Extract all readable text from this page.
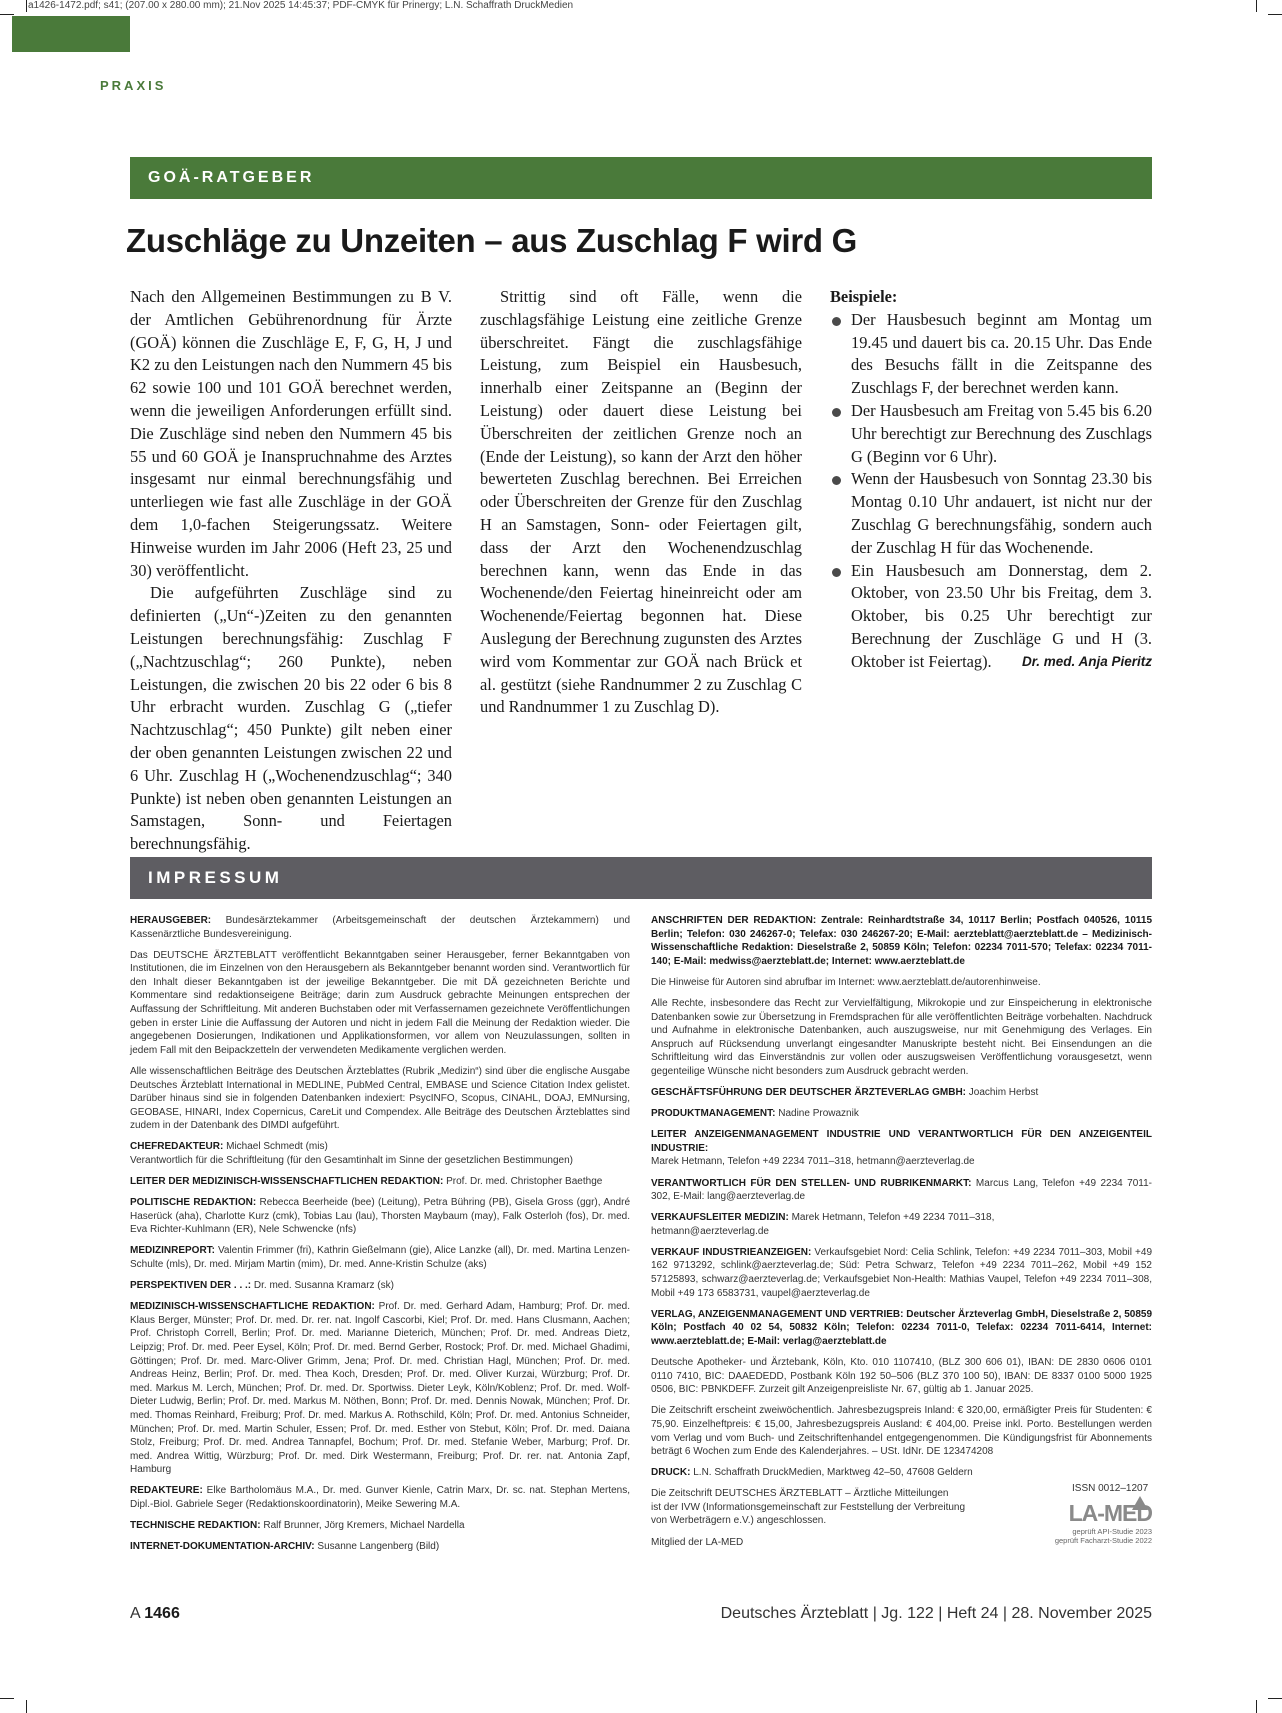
a1426-1472.pdf; s41; (207.00 x 280.00 mm); 21.Nov 2025 14:45:37; PDF-CMYK für Prinergy; L.N. Schaffrath DruckMedien
PRAXIS
GOÄ-RATGEBER
Zuschläge zu Unzeiten – aus Zuschlag F wird G

Nach den Allgemeinen Bestimmungen zu B V. der Amtlichen Gebührenordnung für Ärzte (GOÄ) können die Zuschläge E, F, G, H, J und K2 zu den Leistungen nach den Nummern 45 bis 62 sowie 100 und 101 GOÄ berechnet werden, wenn die jeweiligen Anforderungen erfüllt sind. Die Zuschläge sind neben den Nummern 45 bis 55 und 60 GOÄ je Inanspruchnahme des Arztes insgesamt nur einmal berechnungsfähig und unterliegen wie fast alle Zuschläge in der GOÄ dem 1,0-fachen Steigerungssatz. Weitere Hinweise wurden im Jahr 2006 (Heft 23, 25 und 30) veröffentlicht.

Die aufgeführten Zuschläge sind zu definierten („Un“-)Zeiten zu den genannten Leistungen berechnungsfähig: Zuschlag F („Nachtzuschlag“; 260 Punkte), neben Leistungen, die zwischen 20 bis 22 oder 6 bis 8 Uhr erbracht wurden. Zuschlag G („tiefer Nachtzuschlag“; 450 Punkte) gilt neben einer der oben genannten Leistungen zwischen 22 und 6 Uhr. Zuschlag H („Wochenendzuschlag“; 340 Punkte) ist neben oben genannten Leistungen an Samstagen, Sonn- und Feiertagen berechnungsfähig.

Strittig sind oft Fälle, wenn die zuschlagsfähige Leistung eine zeitliche Grenze überschreitet. Fängt die zuschlagsfähige Leistung, zum Beispiel ein Hausbesuch, innerhalb einer Zeitspanne an (Beginn der Leistung) oder dauert diese Leistung bei Überschreiten der zeitlichen Grenze noch an (Ende der Leistung), so kann der Arzt den höher bewerteten Zuschlag berechnen. Bei Erreichen oder Überschreiten der Grenze für den Zuschlag H an Samstagen, Sonn- oder Feiertagen gilt, dass der Arzt den Wochenendzuschlag berechnen kann, wenn das Ende in das Wochenende/den Feiertag hineinreicht oder am Wochenende/Feiertag begonnen hat. Diese Auslegung der Berechnung zugunsten des Arztes wird vom Kommentar zur GOÄ nach Brück et al. gestützt (siehe Randnummer 2 zu Zuschlag C und Randnummer 1 zu Zuschlag D).

Beispiele:

Der Hausbesuch beginnt am Montag um 19.45 und dauert bis ca. 20.15 Uhr. Das Ende des Besuchs fällt in die Zeitspanne des Zuschlags F, der berechnet werden kann.
Der Hausbesuch am Freitag von 5.45 bis 6.20 Uhr berechtigt zur Berechnung des Zuschlags G (Beginn vor 6 Uhr).
Wenn der Hausbesuch von Sonntag 23.30 bis Montag 0.10 Uhr andauert, ist nicht nur der Zuschlag G berechnungsfähig, sondern auch der Zuschlag H für das Wochenende.
Ein Hausbesuch am Donnerstag, dem 2. Oktober, von 23.50 Uhr bis Freitag, dem 3. Oktober, bis 0.25 Uhr berechtigt zur Berechnung der Zuschläge G und H (3. Oktober ist Feiertag). Dr. med. Anja Pieritz
IMPRESSUM

HERAUSGEBER: Bundesärztekammer (Arbeitsgemeinschaft der deutschen Ärztekammern) und Kassenärztliche Bundesvereinigung.

Das DEUTSCHE ÄRZTEBLATT veröffentlicht Bekanntgaben seiner Herausgeber, ferner Bekanntgaben von Institutionen, die im Einzelnen von den Herausgebern als Bekanntgeber benannt worden sind. Verantwortlich für den Inhalt dieser Bekanntgaben ist der jeweilige Bekanntgeber. Die mit DÄ gezeichneten Berichte und Kommentare sind redaktionseigene Beiträge; darin zum Ausdruck gebrachte Meinungen entsprechen der Auffassung der Schriftleitung. Mit anderen Buchstaben oder mit Verfassernamen gezeichnete Veröffentlichungen geben in erster Linie die Auffassung der Autoren und nicht in jedem Fall die Meinung der Redaktion wieder. Die angegebenen Dosierungen, Indikationen und Applikationsformen, vor allem von Neuzulassungen, sollten in jedem Fall mit den Beipackzetteln der verwendeten Medikamente verglichen werden.

Alle wissenschaftlichen Beiträge des Deutschen Ärzteblattes (Rubrik „Medizin“) sind über die englische Ausgabe Deutsches Ärzteblatt International in MEDLINE, PubMed Central, EMBASE und Science Citation Index gelistet. Darüber hinaus sind sie in folgenden Datenbanken indexiert: PsycINFO, Scopus, CINAHL, DOAJ, EMNursing, GEOBASE, HINARI, Index Copernicus, CareLit und Compendex. Alle Beiträge des Deutschen Ärzteblattes sind zudem in der Datenbank des DIMDI aufgeführt.

CHEFREDAKTEUR: Michael Schmedt (mis)
Verantwortlich für die Schriftleitung (für den Gesamtinhalt im Sinne der gesetzlichen Bestimmungen)

LEITER DER MEDIZINISCH-WISSENSCHAFTLICHEN REDAKTION: Prof. Dr. med. Christopher Baethge

POLITISCHE REDAKTION: Rebecca Beerheide (bee) (Leitung), Petra Bühring (PB), Gisela Gross (ggr), André Haserück (aha), Charlotte Kurz (cmk), Tobias Lau (lau), Thorsten Maybaum (may), Falk Osterloh (fos), Dr. med. Eva Richter-Kuhlmann (ER), Nele Schwencke (nfs)

MEDIZINREPORT: Valentin Frimmer (fri), Kathrin Gießelmann (gie), Alice Lanzke (all), Dr. med. Martina Lenzen-Schulte (mls), Dr. med. Mirjam Martin (mim), Dr. med. Anne-Kristin Schulze (aks)

PERSPEKTIVEN DER . . .: Dr. med. Susanna Kramarz (sk)

MEDIZINISCH-WISSENSCHAFTLICHE REDAKTION: Prof. Dr. med. Gerhard Adam, Hamburg; Prof. Dr. med. Klaus Berger, Münster; Prof. Dr. med. Dr. rer. nat. Ingolf Cascorbi, Kiel; Prof. Dr. med. Hans Clusmann, Aachen; Prof. Christoph Correll, Berlin; Prof. Dr. med. Marianne Dieterich, München; Prof. Dr. med. Andreas Dietz, Leipzig; Prof. Dr. med. Peer Eysel, Köln; Prof. Dr. med. Bernd Gerber, Rostock; Prof. Dr. med. Michael Ghadimi, Göttingen; Prof. Dr. med. Marc-Oliver Grimm, Jena; Prof. Dr. med. Christian Hagl, München; Prof. Dr. med. Andreas Heinz, Berlin; Prof. Dr. med. Thea Koch, Dresden; Prof. Dr. med. Oliver Kurzai, Würzburg; Prof. Dr. med. Markus M. Lerch, München; Prof. Dr. med. Dr. Sportwiss. Dieter Leyk, Köln/Koblenz; Prof. Dr. med. Wolf-Dieter Ludwig, Berlin; Prof. Dr. med. Markus M. Nöthen, Bonn; Prof. Dr. med. Dennis Nowak, München; Prof. Dr. med. Thomas Reinhard, Freiburg; Prof. Dr. med. Markus A. Rothschild, Köln; Prof. Dr. med. Antonius Schneider, München; Prof. Dr. med. Martin Schuler, Essen; Prof. Dr. med. Esther von Stebut, Köln; Prof. Dr. med. Daiana Stolz, Freiburg; Prof. Dr. med. Andrea Tannapfel, Bochum; Prof. Dr. med. Stefanie Weber, Marburg; Prof. Dr. med. Andrea Wittig, Würzburg; Prof. Dr. med. Dirk Westermann, Freiburg; Prof. Dr. rer. nat. Antonia Zapf, Hamburg

REDAKTEURE: Elke Bartholomäus M.A., Dr. med. Gunver Kienle, Catrin Marx, Dr. sc. nat. Stephan Mertens, Dipl.-Biol. Gabriele Seger (Redaktionskoordinatorin), Meike Sewering M.A.

TECHNISCHE REDAKTION: Ralf Brunner, Jörg Kremers, Michael Nardella

INTERNET-DOKUMENTATION-ARCHIV: Susanne Langenberg (Bild)

ANSCHRIFTEN DER REDAKTION: Zentrale: Reinhardtstraße 34, 10117 Berlin; Postfach 040526, 10115 Berlin; Telefon: 030 246267-0; Telefax: 030 246267-20; E-Mail: aerzteblatt@aerzteblatt.de – Medizinisch-Wissenschaftliche Redaktion: Dieselstraße 2, 50859 Köln; Telefon: 02234 7011-570; Telefax: 02234 7011-140; E-Mail: medwiss@aerzteblatt.de; Internet: www.aerzteblatt.de

Die Hinweise für Autoren sind abrufbar im Internet: www.aerzteblatt.de/autorenhinweise.

Alle Rechte, insbesondere das Recht zur Vervielfältigung, Mikrokopie und zur Einspeicherung in elektronische Datenbanken sowie zur Übersetzung in Fremdsprachen für alle veröffentlichten Beiträge vorbehalten. Nachdruck und Aufnahme in elektronische Datenbanken, auch auszugsweise, nur mit Genehmigung des Verlages. Ein Anspruch auf Rücksendung unverlangt eingesandter Manuskripte besteht nicht. Bei Einsendungen an die Schriftleitung wird das Einverständnis zur vollen oder auszugsweisen Veröffentlichung vorausgesetzt, wenn gegenteilige Wünsche nicht besonders zum Ausdruck gebracht werden.

GESCHÄFTSFÜHRUNG DER DEUTSCHER ÄRZTEVERLAG GMBH: Joachim Herbst

PRODUKTMANAGEMENT: Nadine Prowaznik

LEITER ANZEIGENMANAGEMENT INDUSTRIE UND VERANTWORTLICH FÜR DEN ANZEIGENTEIL INDUSTRIE:
Marek Hetmann, Telefon +49 2234 7011–318, hetmann@aerzteverlag.de

VERANTWORTLICH FÜR DEN STELLEN- UND RUBRIKENMARKT: Marcus Lang, Telefon +49 2234 7011-302, E-Mail: lang@aerzteverlag.de

VERKAUFSLEITER MEDIZIN: Marek Hetmann, Telefon +49 2234 7011–318,
hetmann@aerzteverlag.de

VERKAUF INDUSTRIEANZEIGEN: Verkaufsgebiet Nord: Celia Schlink, Telefon: +49 2234 7011–303, Mobil +49 162 9713292, schlink@aerzteverlag.de; Süd: Petra Schwarz, Telefon +49 2234 7011–262, Mobil +49 152 57125893, schwarz@aerzteverlag.de; Verkaufsgebiet Non-Health: Mathias Vaupel, Telefon +49 2234 7011–308, Mobil +49 173 6583731, vaupel@aerzteverlag.de

VERLAG, ANZEIGENMANAGEMENT UND VERTRIEB: Deutscher Ärzteverlag GmbH, Dieselstraße 2, 50859 Köln; Postfach 40 02 54, 50832 Köln; Telefon: 02234 7011-0, Telefax: 02234 7011-6414, Internet: www.aerzteblatt.de; E-Mail: verlag@aerzteblatt.de

Deutsche Apotheker- und Ärztebank, Köln, Kto. 010 1107410, (BLZ 300 606 01), IBAN: DE 2830 0606 0101 0110 7410, BIC: DAAEDEDD, Postbank Köln 192 50–506 (BLZ 370 100 50), IBAN: DE 8337 0100 5000 1925 0506, BIC: PBNKDEFF. Zurzeit gilt Anzeigenpreisliste Nr. 67, gültig ab 1. Januar 2025.

Die Zeitschrift erscheint zweiwöchentlich. Jahresbezugspreis Inland: € 320,00, ermäßigter Preis für Studenten: € 75,90. Einzelheftpreis: € 15,00, Jahresbezugspreis Ausland: € 404,00. Preise inkl. Porto. Bestellungen werden vom Verlag und vom Buch- und Zeitschriftenhandel entgegengenommen. Die Kündigungsfrist für Abonnements beträgt 6 Wochen zum Ende des Kalenderjahres. – USt. IdNr. DE 123474208

DRUCK: L.N. Schaffrath DruckMedien, Marktweg 42–50, 47608 Geldern

Die Zeitschrift DEUTSCHES ÄRZTEBLATT – Ärztliche Mitteilungen
ist der IVW (Informationsgemeinschaft zur Feststellung der Verbreitung
von Werbeträgern e.V.) angeschlossen.

Mitglied der LA-MED

ISSN 0012–1207
LA-MED
geprüft API-Studie 2023
geprüft Facharzt-Studie 2022
A 1466	Deutsches Ärzteblatt | Jg. 122 | Heft 24 | 28. November 2025
